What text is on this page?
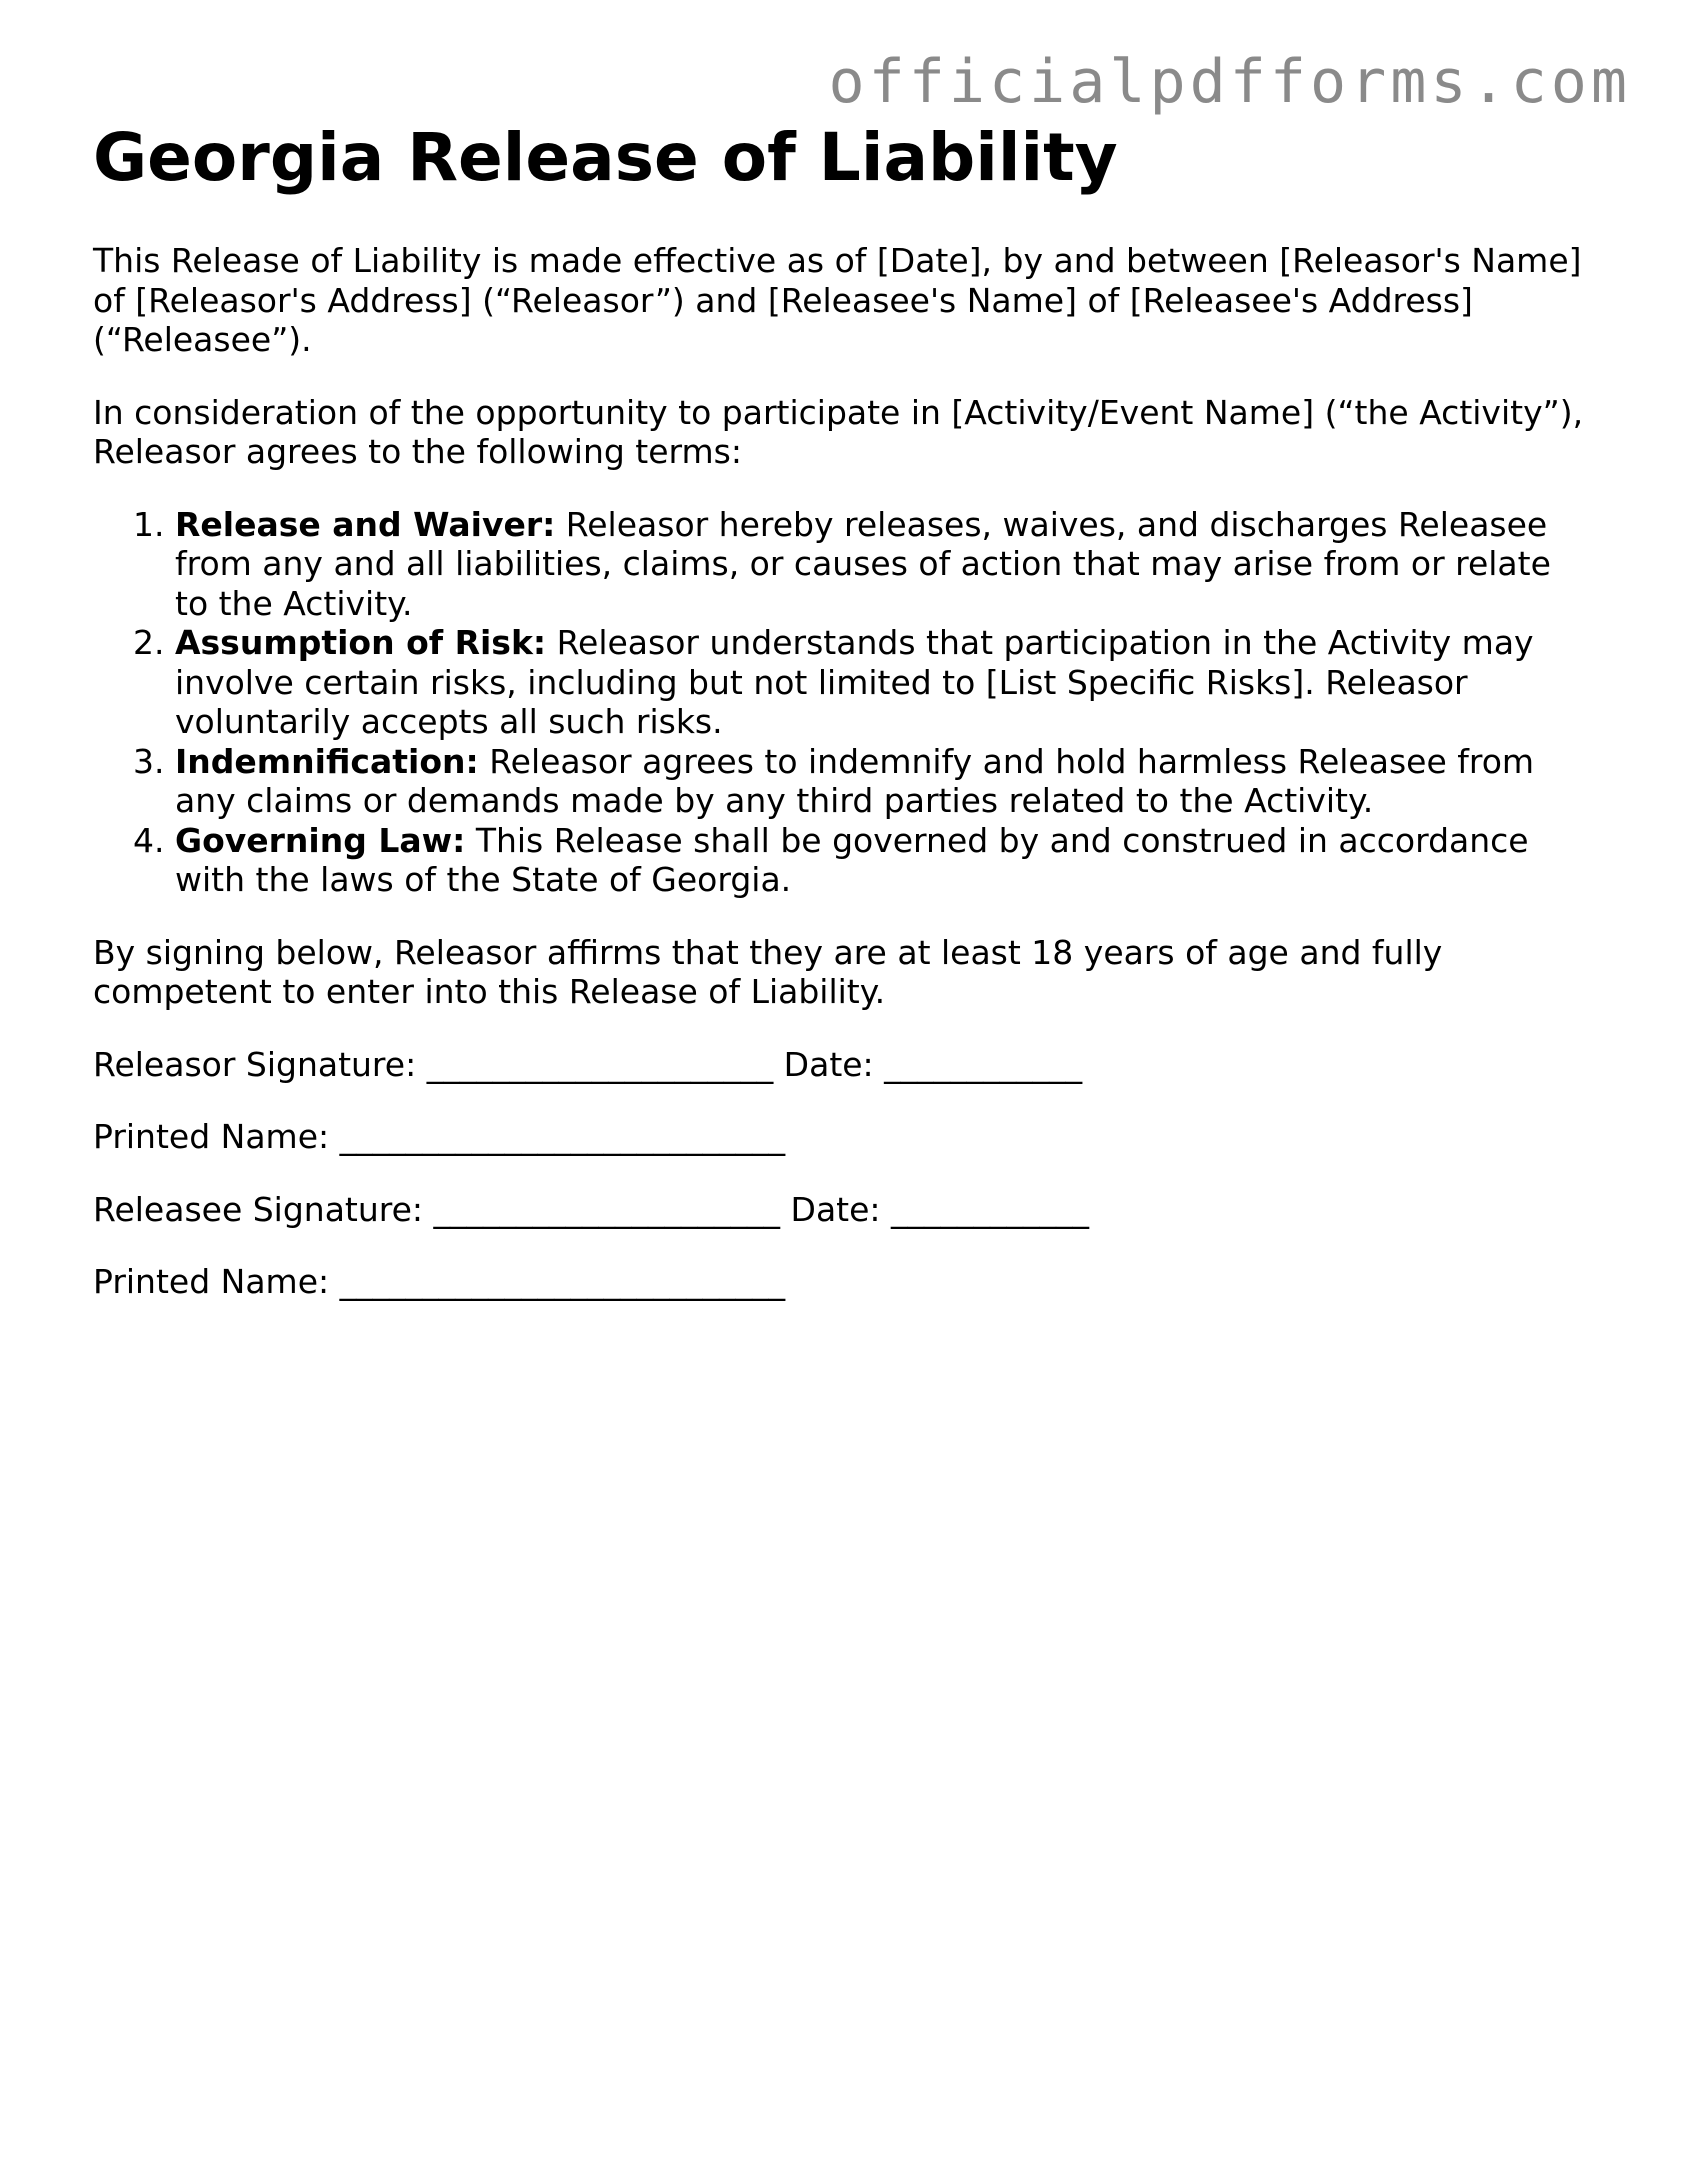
officialpdfforms.com
Georgia Release of Liability

This Release of Liability is made effective as of [Date], by and between [Releasor's Name] of [Releasor's Address] (“Releasor”) and [Releasee's Name] of [Releasee's Address] (“Releasee”).

In consideration of the opportunity to participate in [Activity/Event Name] (“the Activity”), Releasor agrees to the following terms:

1. Release and Waiver: Releasor hereby releases, waives, and discharges Releasee from any and all liabilities, claims, or causes of action that may arise from or relate to the Activity.
2. Assumption of Risk: Releasor understands that participation in the Activity may involve certain risks, including but not limited to [List Specific Risks]. Releasor voluntarily accepts all such risks.
3. Indemnification: Releasor agrees to indemnify and hold harmless Releasee from any claims or demands made by any third parties related to the Activity.
4. Governing Law: This Release shall be governed by and construed in accordance with the laws of the State of Georgia.

By signing below, Releasor affirms that they are at least 18 years of age and fully competent to enter into this Release of Liability.

Releasor Signature: _____________________ Date: ____________

Printed Name: ___________________________

Releasee Signature: _____________________ Date: ____________

Printed Name: ___________________________
